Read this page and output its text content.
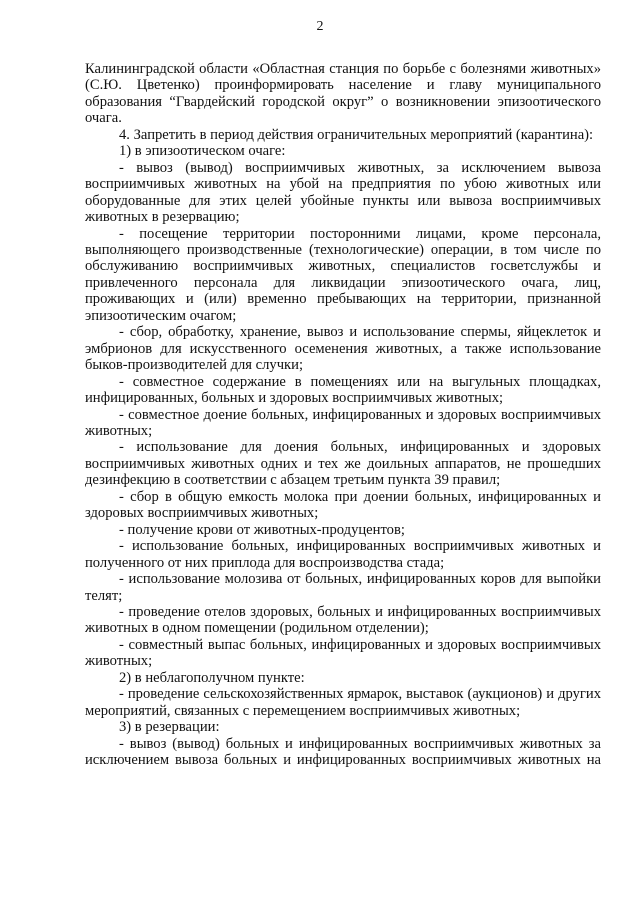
2

Калининградской области «Областная станция по борьбе с болезнями животных» (С.Ю. Цветенко) проинформировать население и главу муниципального образования “Гвардейский городской округ” о возникновении эпизоотического очага.

4. Запретить в период действия ограничительных мероприятий (карантина):

1) в эпизоотическом очаге:

- вывоз (вывод) восприимчивых животных, за исключением вывоза восприимчивых животных на убой на предприятия по убою животных или оборудованные для этих целей убойные пункты или вывоза восприимчивых животных в резервацию;

- посещение территории посторонними лицами, кроме персонала, выполняющего производственные (технологические) операции, в том числе по обслуживанию восприимчивых животных, специалистов госветслужбы и привлеченного персонала для ликвидации эпизоотического очага, лиц, проживающих и (или) временно пребывающих на территории, признанной эпизоотическим очагом;

- сбор, обработку, хранение, вывоз и использование спермы, яйцеклеток и эмбрионов для искусственного осеменения животных, а также использование быков-производителей для случки;

- совместное содержание в помещениях или на выгульных площадках, инфицированных, больных и здоровых восприимчивых животных;

- совместное доение больных, инфицированных и здоровых восприимчивых животных;

- использование для доения больных, инфицированных и здоровых восприимчивых животных одних и тех же доильных аппаратов, не прошедших дезинфекцию в соответствии с абзацем третьим пункта 39 правил;

- сбор в общую емкость молока при доении больных, инфицированных и здоровых восприимчивых животных;

- получение крови от животных-продуцентов;

- использование больных, инфицированных восприимчивых животных и полученного от них приплода для воспроизводства стада;

- использование молозива от больных, инфицированных коров для выпойки телят;

- проведение отелов здоровых, больных и инфицированных восприимчивых животных в одном помещении (родильном отделении);

- совместный выпас больных, инфицированных и здоровых восприимчивых животных;

2) в неблагополучном пункте:

- проведение сельскохозяйственных ярмарок, выставок (аукционов) и других мероприятий, связанных с перемещением восприимчивых животных;

3) в резервации:

- вывоз (вывод) больных и инфицированных восприимчивых животных за исключением вывоза больных и инфицированных восприимчивых животных на
